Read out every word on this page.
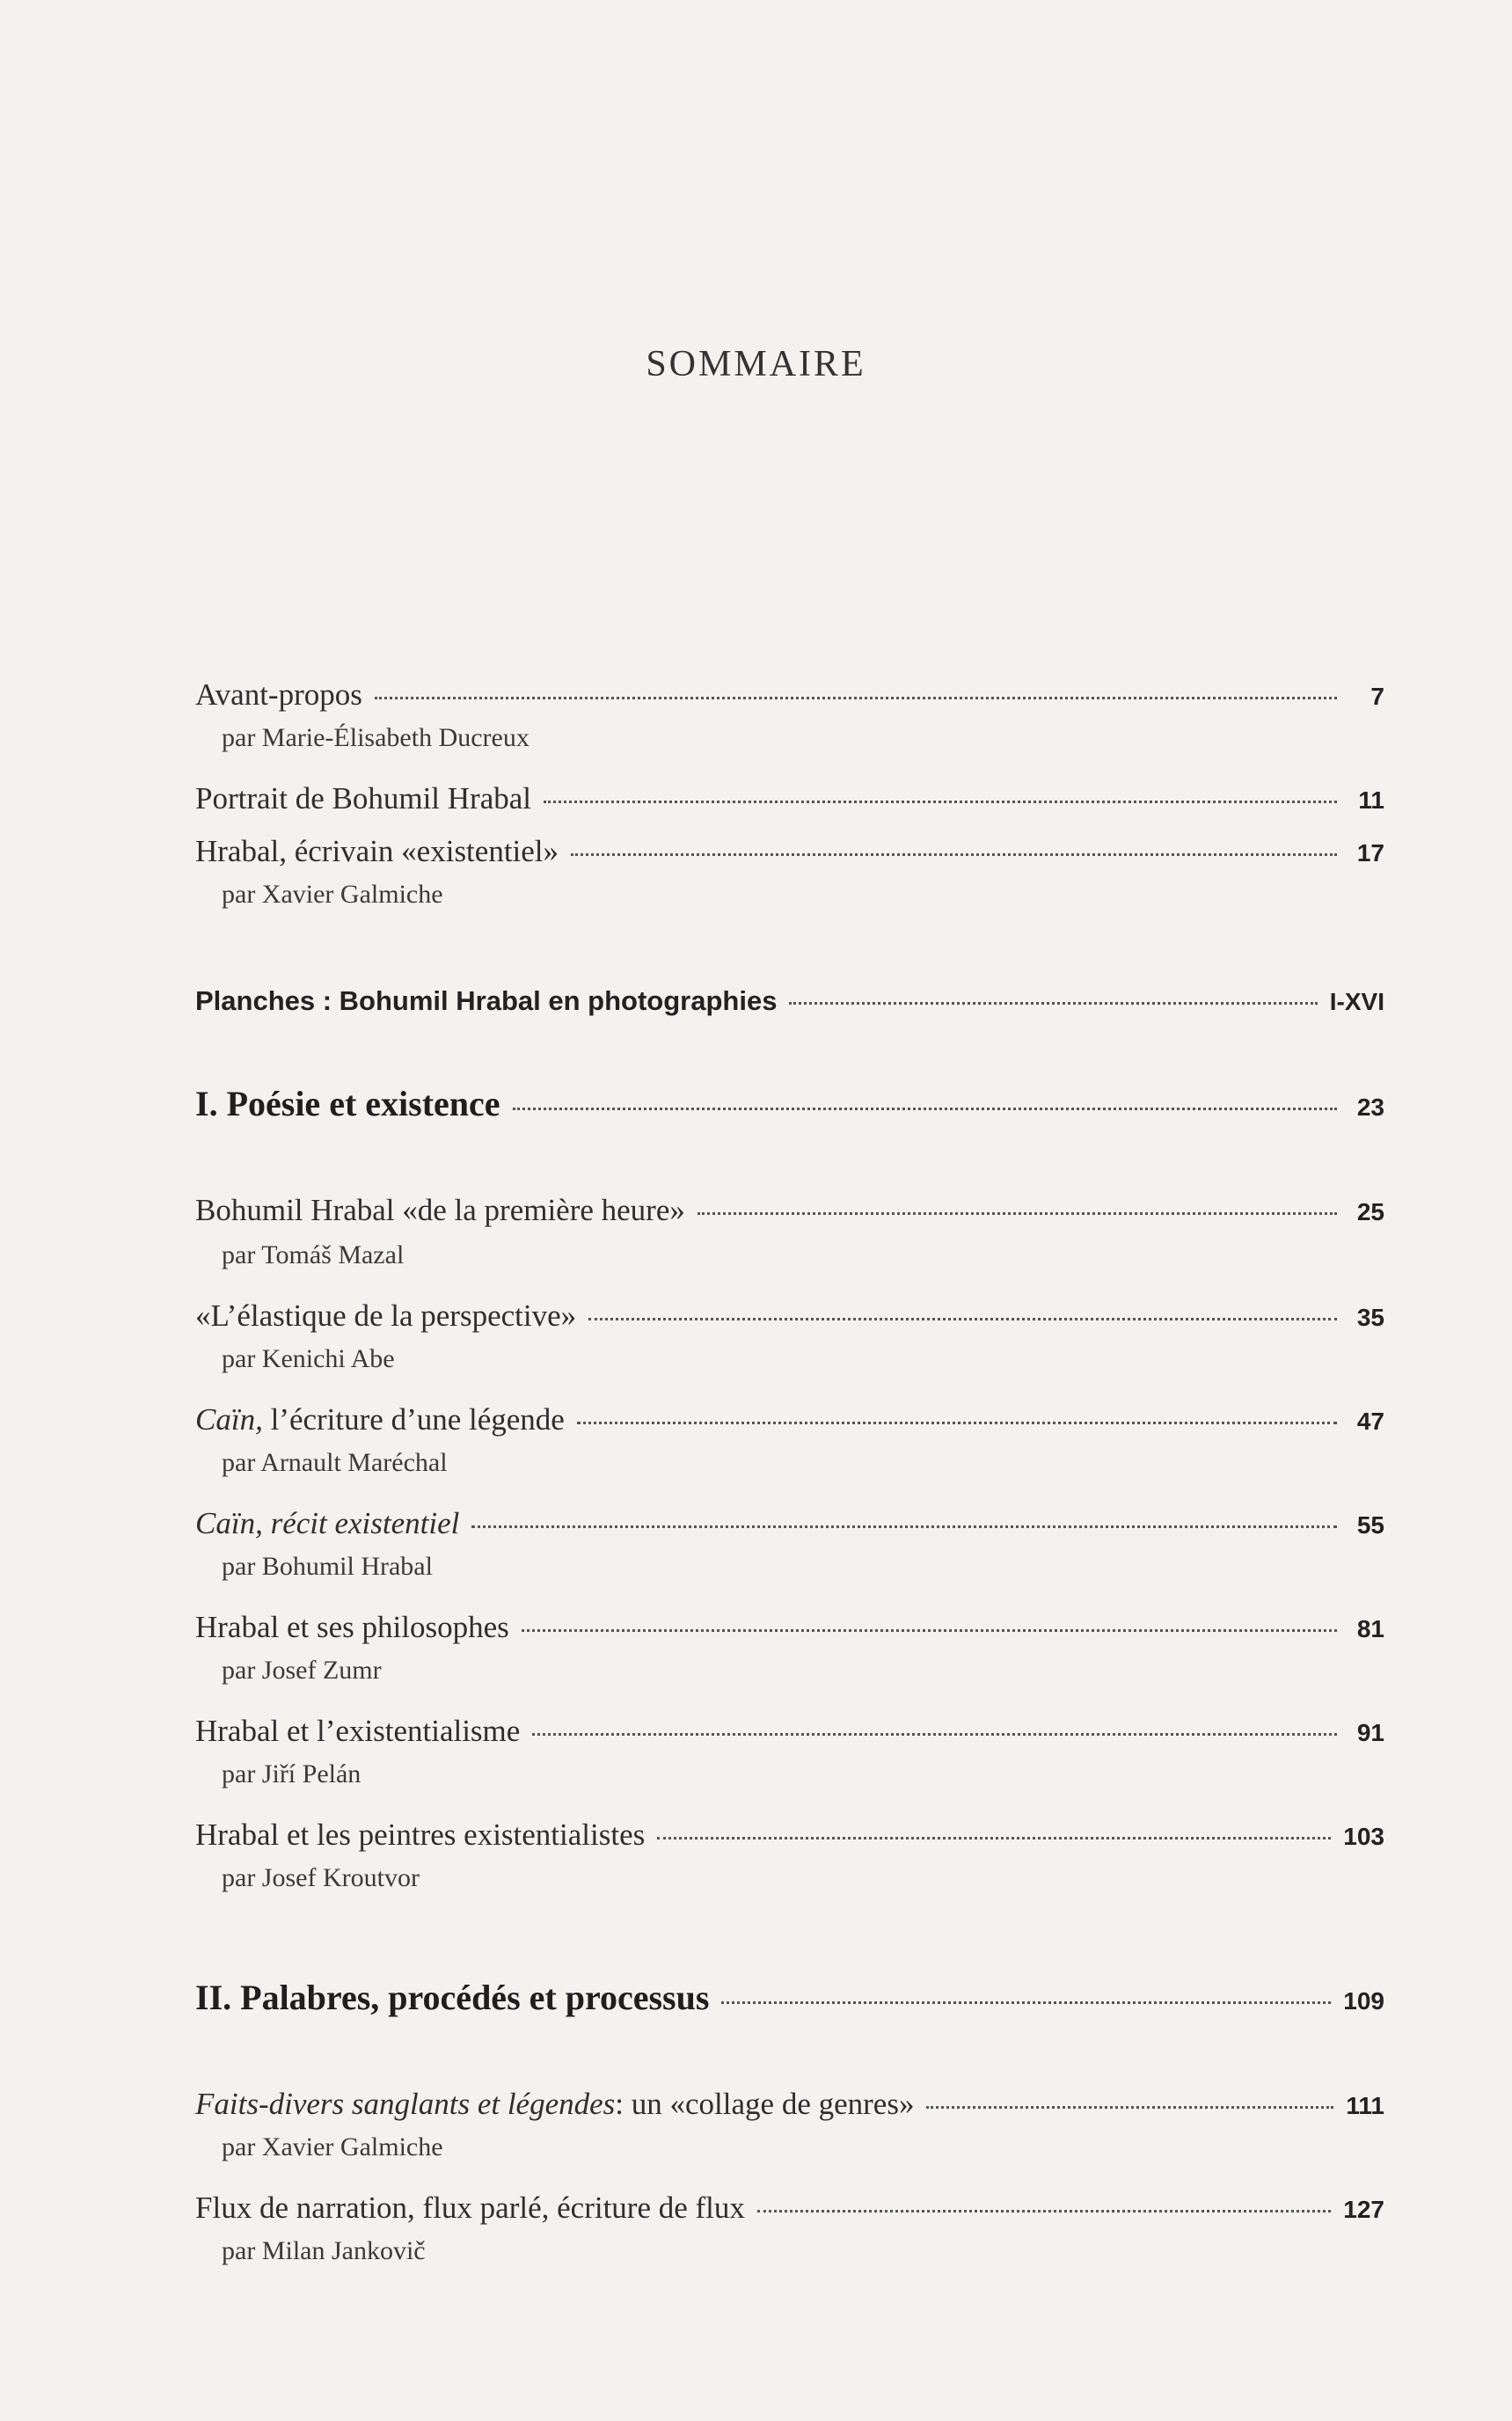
SOMMAIRE
Avant-propos	7
par Marie-Élisabeth Ducreux
Portrait de Bohumil Hrabal	11
Hrabal, écrivain «existentiel»	17
par Xavier Galmiche
Planches : Bohumil Hrabal en photographies	I-XVI
I. Poésie et existence	23
Bohumil Hrabal «de la première heure»	25
par Tomáš Mazal
«L’élastique de la perspective»	35
par Kenichi Abe
Caïn, l’écriture d’une légende	47
par Arnault Maréchal
Caïn, récit existentiel	55
par Bohumil Hrabal
Hrabal et ses philosophes	81
par Josef Zumr
Hrabal et l’existentialisme	91
par Jiří Pelán
Hrabal et les peintres existentialistes	103
par Josef Kroutvor
II. Palabres, procédés et processus	109
Faits-divers sanglants et légendes: un «collage de genres»	111
par Xavier Galmiche
Flux de narration, flux parlé, écriture de flux	127
par Milan Jankovič
